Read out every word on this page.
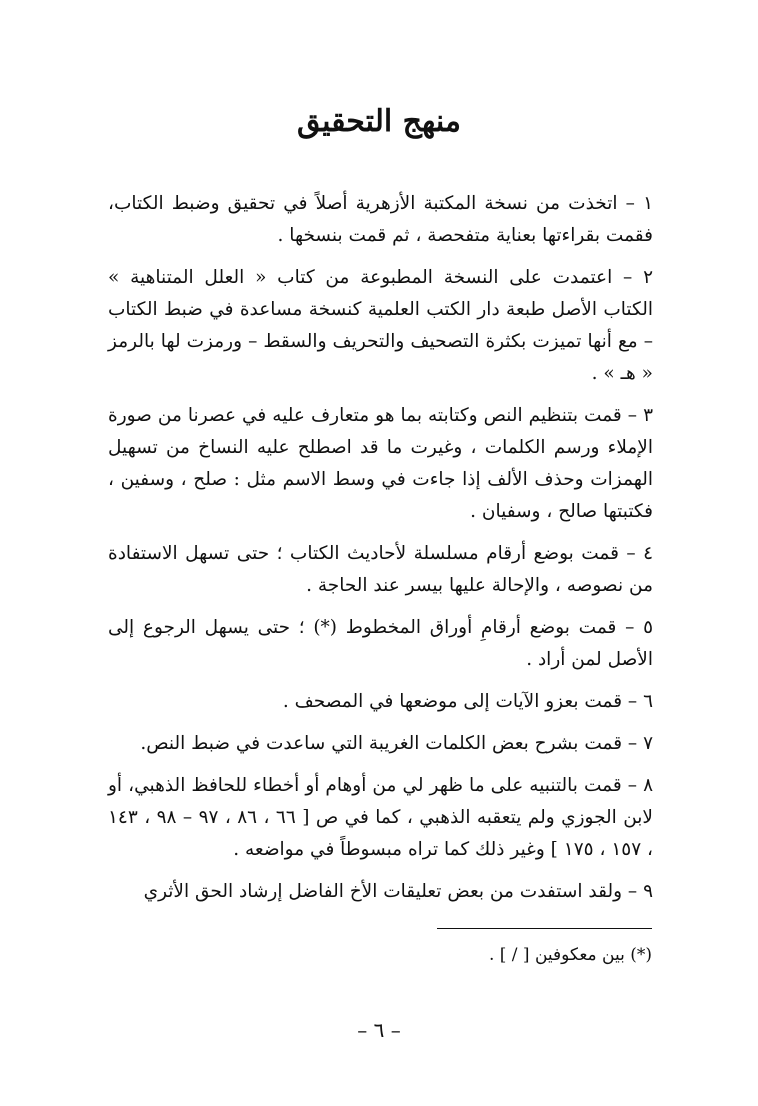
منهج التحقيق

١ – اتخذت من نسخة المكتبة الأزهرية أصلاً في تحقيق وضبط الكتاب، فقمت بقراءتها بعناية متفحصة ، ثم قمت بنسخها .

٢ – اعتمدت على النسخة المطبوعة من كتاب « العلل المتناهية » الكتاب الأصل طبعة دار الكتب العلمية كنسخة مساعدة في ضبط الكتاب – مع أنها تميزت بكثرة التصحيف والتحريف والسقط – ورمزت لها بالرمز « هـ » .

٣ – قمت بتنظيم النص وكتابته بما هو متعارف عليه في عصرنا من صورة الإملاء ورسم الكلمات ، وغيرت ما قد اصطلح عليه النساخ من تسهيل الهمزات وحذف الألف إذا جاءت في وسط الاسم مثل : صلح ، وسفين ، فكتبتها صالح ، وسفيان .

٤ – قمت بوضع أرقام مسلسلة لأحاديث الكتاب ؛ حتى تسهل الاستفادة من نصوصه ، والإحالة عليها بيسر عند الحاجة .

٥ – قمت بوضع أرقامِ أوراق المخطوط (*) ؛ حتى يسهل الرجوع إلى الأصل لمن أراد .

٦ – قمت بعزو الآيات إلى موضعها في المصحف .

٧ – قمت بشرح بعض الكلمات الغريبة التي ساعدت في ضبط النص.

٨ – قمت بالتنبيه على ما ظهر لي من أوهام أو أخطاء للحافظ الذهبي، أو لابن الجوزي ولم يتعقبه الذهبي ، كما في ص [ ٦٦ ، ٨٦ ، ٩٧ – ٩٨ ، ١٤٣ ، ١٥٧ ، ١٧٥ ] وغير ذلك كما تراه مبسوطاً في مواضعه .

٩ – ولقد استفدت من بعض تعليقات الأخ الفاضل إرشاد الحق الأثري

(*) بين معكوفين [ / ] .
– ٦ –
